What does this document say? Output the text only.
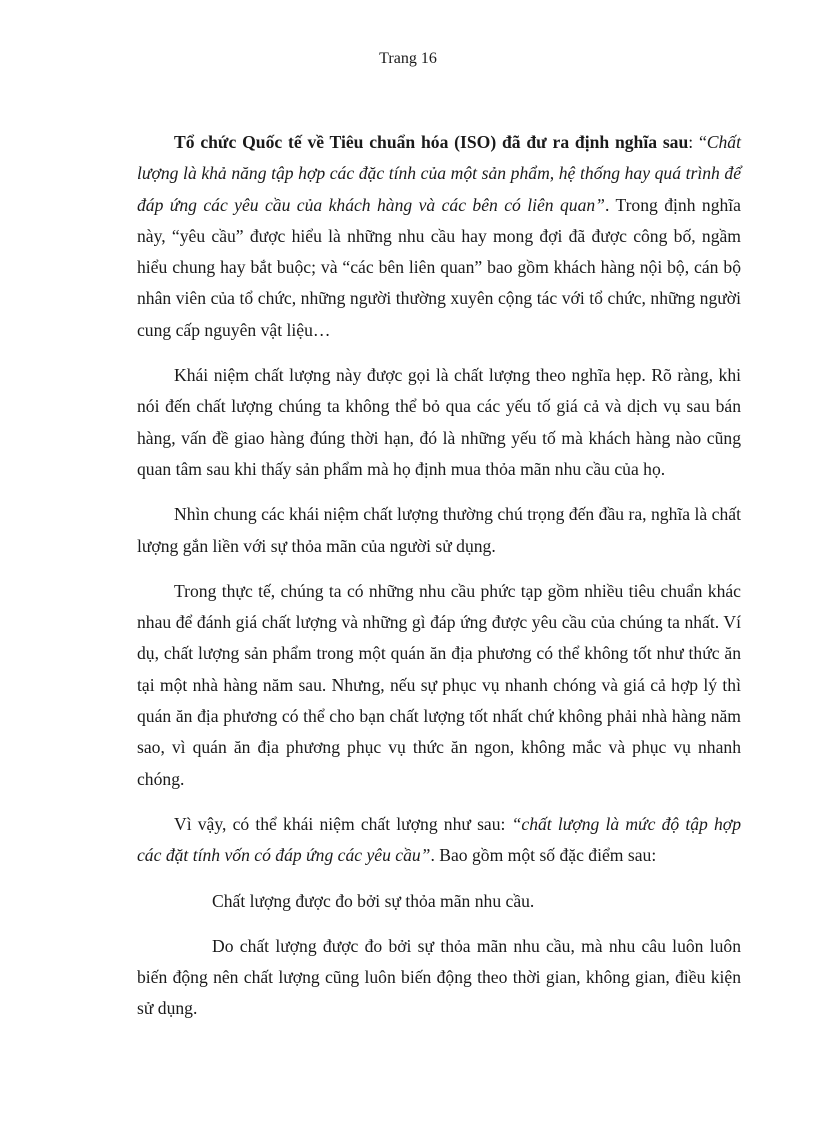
Trang 16

Tổ chức Quốc tế về Tiêu chuẩn hóa (ISO) đã đư ra định nghĩa sau: “Chất lượng là khả năng tập hợp các đặc tính của một sản phẩm, hệ thống hay quá trình để đáp ứng các yêu cầu của khách hàng và các bên có liên quan”. Trong định nghĩa này, “yêu cầu” được hiểu là những nhu cầu hay mong đợi đã được công bố, ngầm hiểu chung hay bắt buộc; và “các bên liên quan” bao gồm khách hàng nội bộ, cán bộ nhân viên của tổ chức, những người thường xuyên cộng tác với tổ chức, những người cung cấp nguyên vật liệu…

Khái niệm chất lượng này được gọi là chất lượng theo nghĩa hẹp. Rõ ràng, khi nói đến chất lượng chúng ta không thể bỏ qua các yếu tố giá cả và dịch vụ sau bán hàng, vấn đề giao hàng đúng thời hạn, đó là những yếu tố mà khách hàng nào cũng quan tâm sau khi thấy sản phẩm mà họ định mua thỏa mãn nhu cầu của họ.

Nhìn chung các khái niệm chất lượng thường chú trọng đến đầu ra, nghĩa là chất lượng gắn liền với sự thỏa mãn của người sử dụng.

Trong thực tế, chúng ta có những nhu cầu phức tạp gồm nhiều tiêu chuẩn khác nhau để đánh giá chất lượng và những gì đáp ứng được yêu cầu của chúng ta nhất. Ví dụ, chất lượng sản phẩm trong một quán ăn địa phương có thể không tốt như thức ăn tại một nhà hàng năm sau. Nhưng, nếu sự phục vụ nhanh chóng và giá cả hợp lý thì quán ăn địa phương có thể cho bạn chất lượng tốt nhất chứ không phải nhà hàng năm sao, vì quán ăn địa phương phục vụ thức ăn ngon, không mắc và phục vụ nhanh chóng.

Vì vậy, có thể khái niệm chất lượng như sau: “chất lượng là mức độ tập hợp các đặt tính vốn có đáp ứng các yêu cầu”. Bao gồm một số đặc điểm sau:

Chất lượng được đo bởi sự thỏa mãn nhu cầu.

Do chất lượng được đo bởi sự thỏa mãn nhu cầu, mà nhu câu luôn luôn biến động nên chất lượng cũng luôn biến động theo thời gian, không gian, điều kiện sử dụng.
